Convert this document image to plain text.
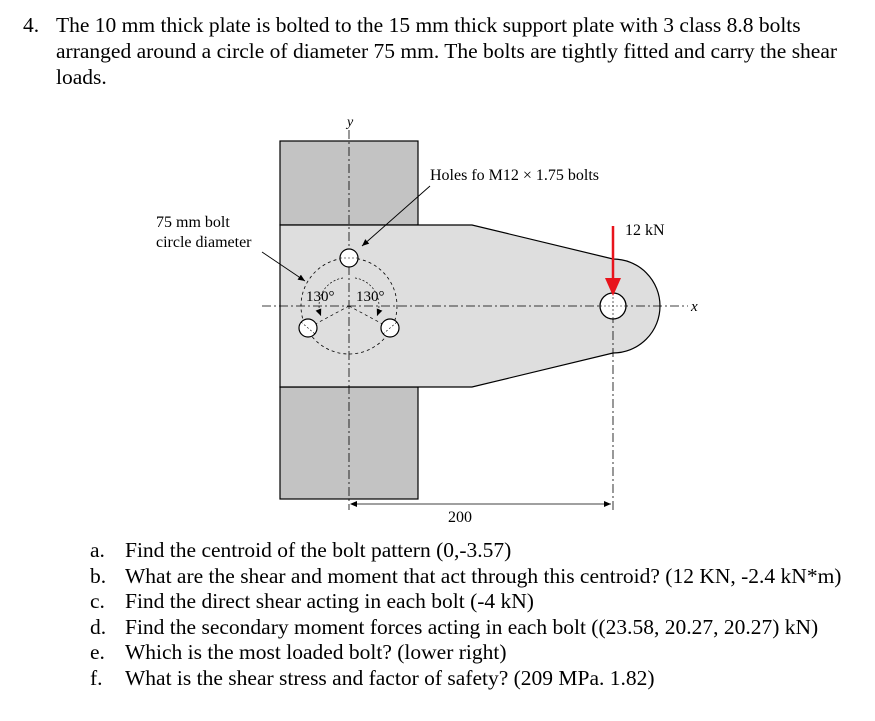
4. The 10 mm thick plate is bolted to the 15 mm thick support plate with 3 class 8.8 bolts arranged around a circle of diameter 75 mm. The bolts are tightly fitted and carry the shear loads.
y
x
130° 130°
Holes fo M12 × 1.75 bolts
75 mm bolt
circle diameter
12 kN
200
a. Find the centroid of the bolt pattern (0,-3.57)
b. What are the shear and moment that act through this centroid? (12 KN, -2.4 kN*m)
c. Find the direct shear acting in each bolt (-4 kN)
d. Find the secondary moment forces acting in each bolt ((23.58, 20.27, 20.27) kN)
e. Which is the most loaded bolt? (lower right)
f. What is the shear stress and factor of safety? (209 MPa. 1.82)
